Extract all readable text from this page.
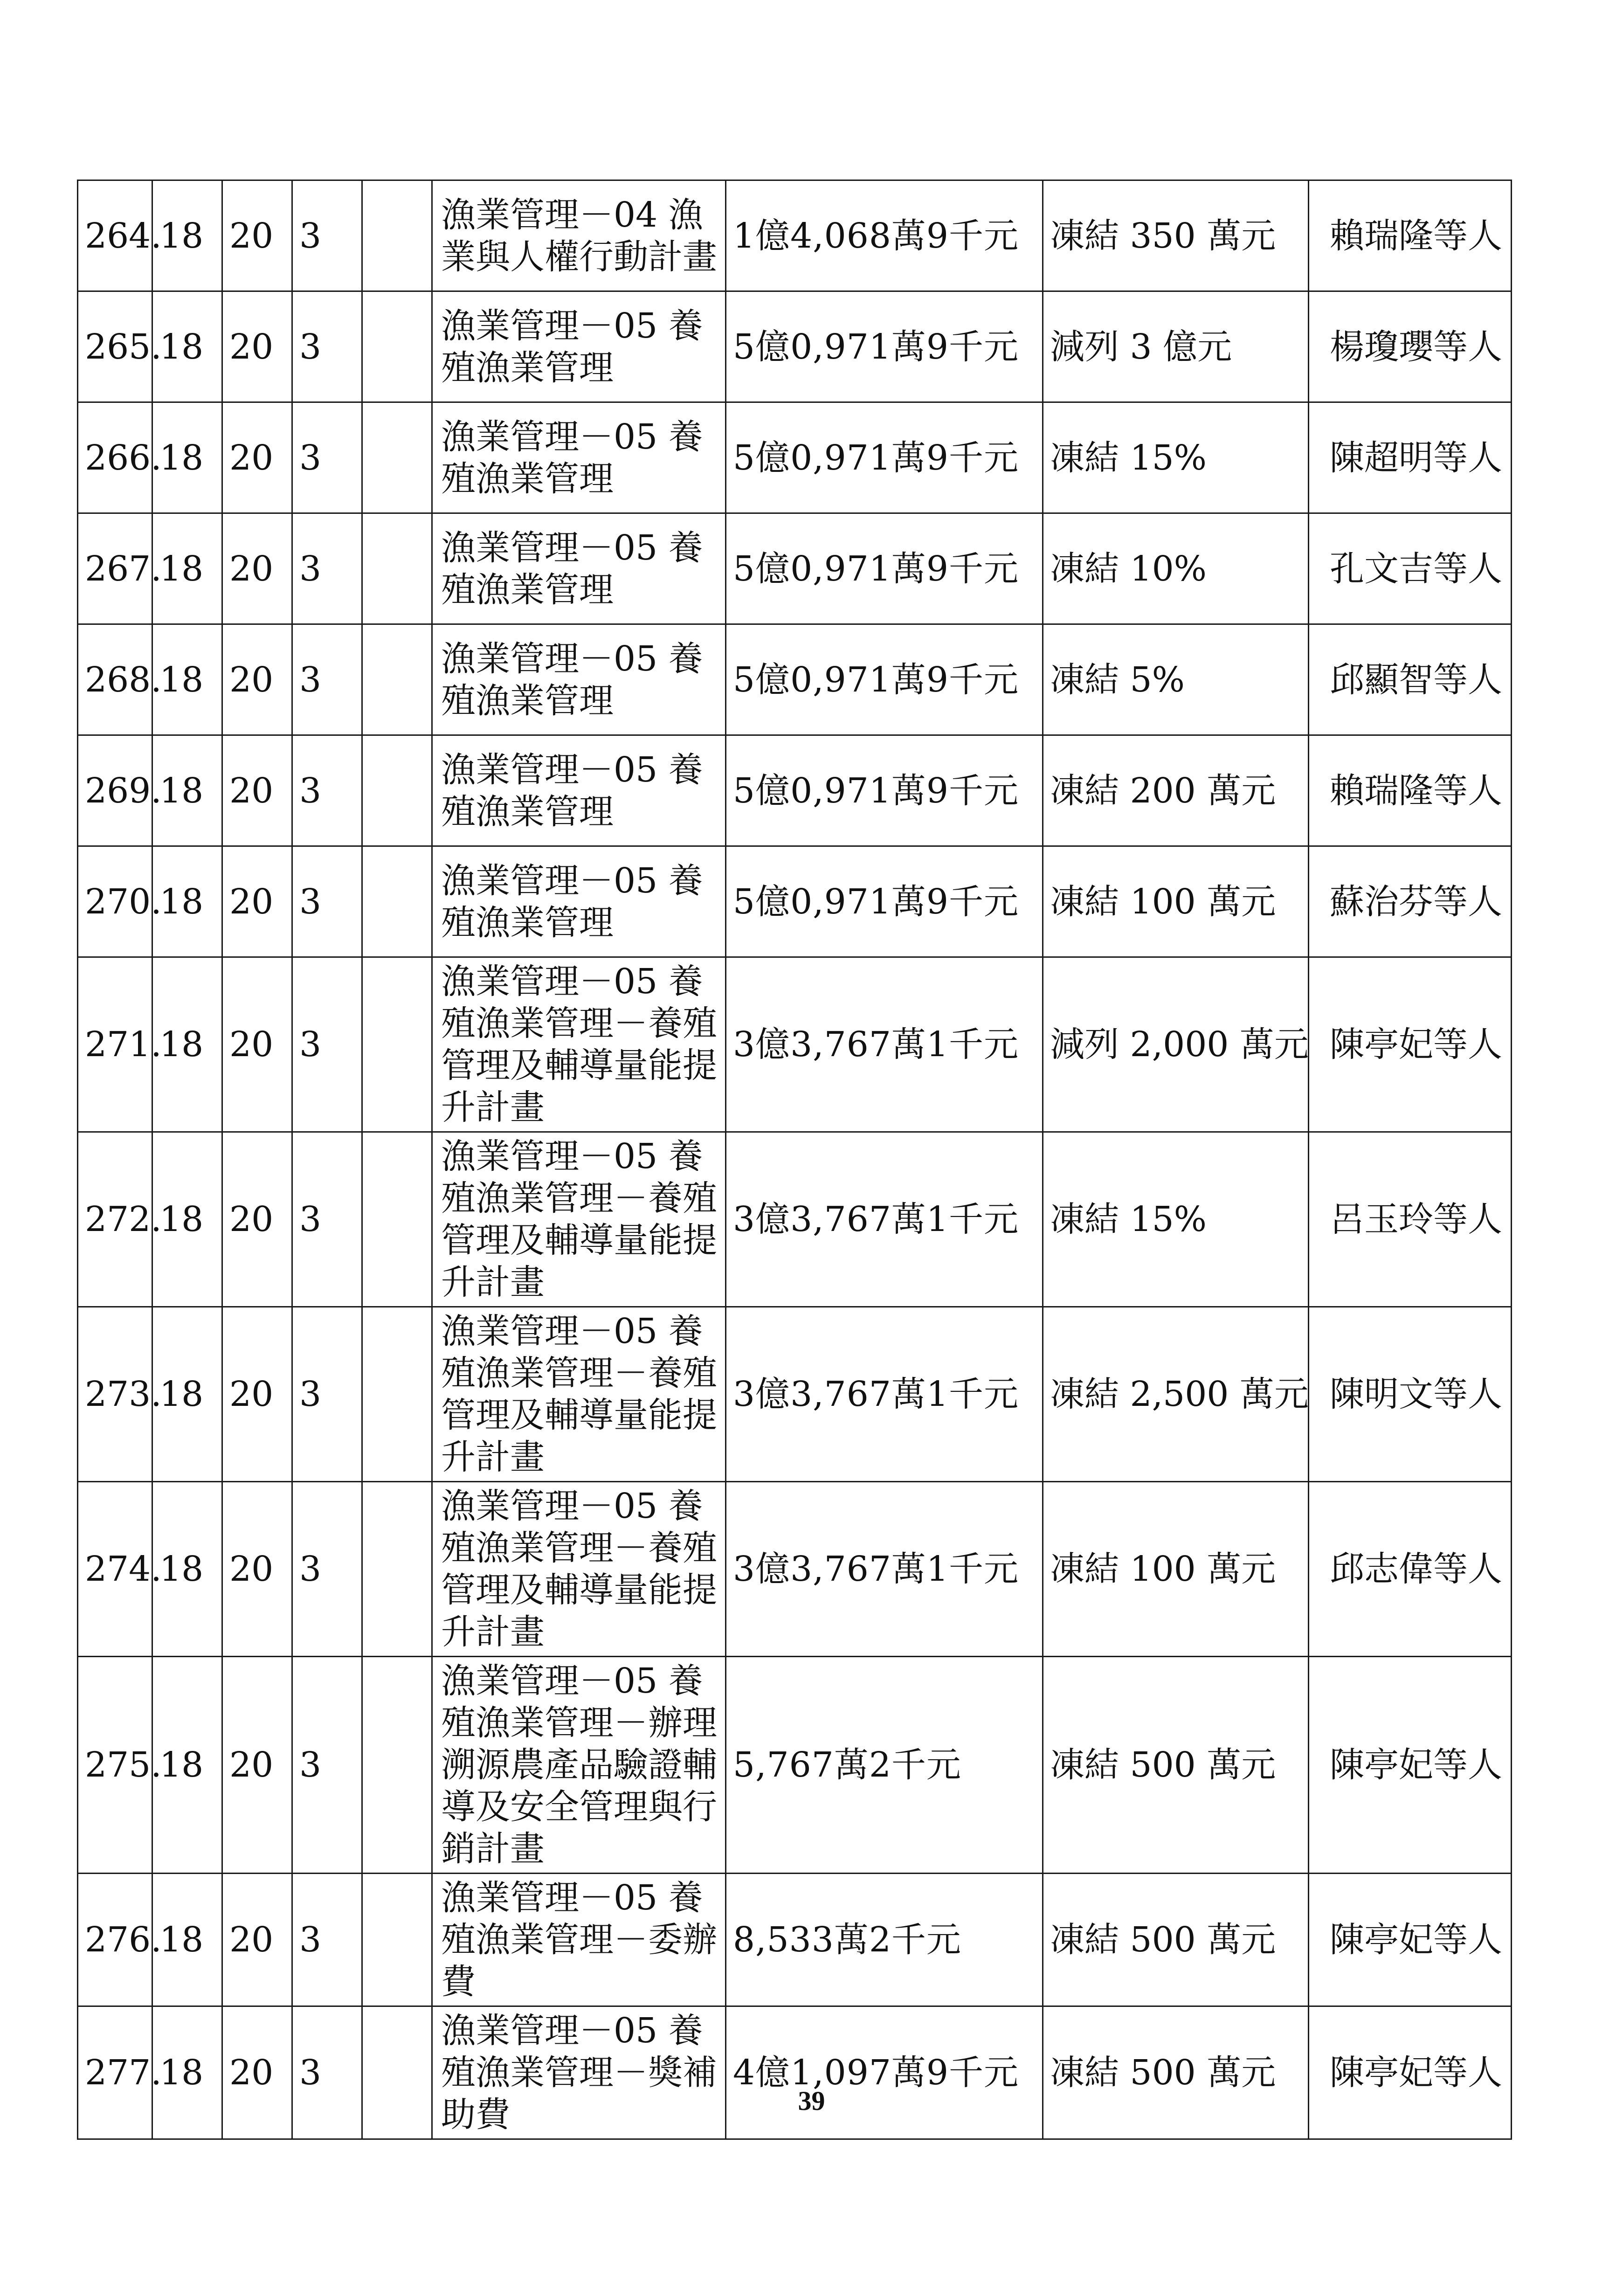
264.	18	20	3		漁業管理－04 漁業與人權行動計畫	1億4,068萬9千元	凍結 350 萬元	賴瑞隆等人
265.	18	20	3		漁業管理－05 養殖漁業管理	5億0,971萬9千元	減列 3 億元	楊瓊瓔等人
266.	18	20	3		漁業管理－05 養殖漁業管理	5億0,971萬9千元	凍結 15%	陳超明等人
267.	18	20	3		漁業管理－05 養殖漁業管理	5億0,971萬9千元	凍結 10%	孔文吉等人
268.	18	20	3		漁業管理－05 養殖漁業管理	5億0,971萬9千元	凍結 5%	邱顯智等人
269.	18	20	3		漁業管理－05 養殖漁業管理	5億0,971萬9千元	凍結 200 萬元	賴瑞隆等人
270.	18	20	3		漁業管理－05 養殖漁業管理	5億0,971萬9千元	凍結 100 萬元	蘇治芬等人
271.	18	20	3		漁業管理－05 養殖漁業管理－養殖管理及輔導量能提升計畫	3億3,767萬1千元	減列 2,000 萬元	陳亭妃等人
272.	18	20	3		漁業管理－05 養殖漁業管理－養殖管理及輔導量能提升計畫	3億3,767萬1千元	凍結 15%	呂玉玲等人
273.	18	20	3		漁業管理－05 養殖漁業管理－養殖管理及輔導量能提升計畫	3億3,767萬1千元	凍結 2,500 萬元	陳明文等人
274.	18	20	3		漁業管理－05 養殖漁業管理－養殖管理及輔導量能提升計畫	3億3,767萬1千元	凍結 100 萬元	邱志偉等人
275.	18	20	3		漁業管理－05 養殖漁業管理－辦理溯源農產品驗證輔導及安全管理與行銷計畫	5,767萬2千元	凍結 500 萬元	陳亭妃等人
276.	18	20	3		漁業管理－05 養殖漁業管理－委辦費	8,533萬2千元	凍結 500 萬元	陳亭妃等人
277.	18	20	3		漁業管理－05 養殖漁業管理－獎補助費	4億1,097萬9千元	凍結 500 萬元	陳亭妃等人
39
